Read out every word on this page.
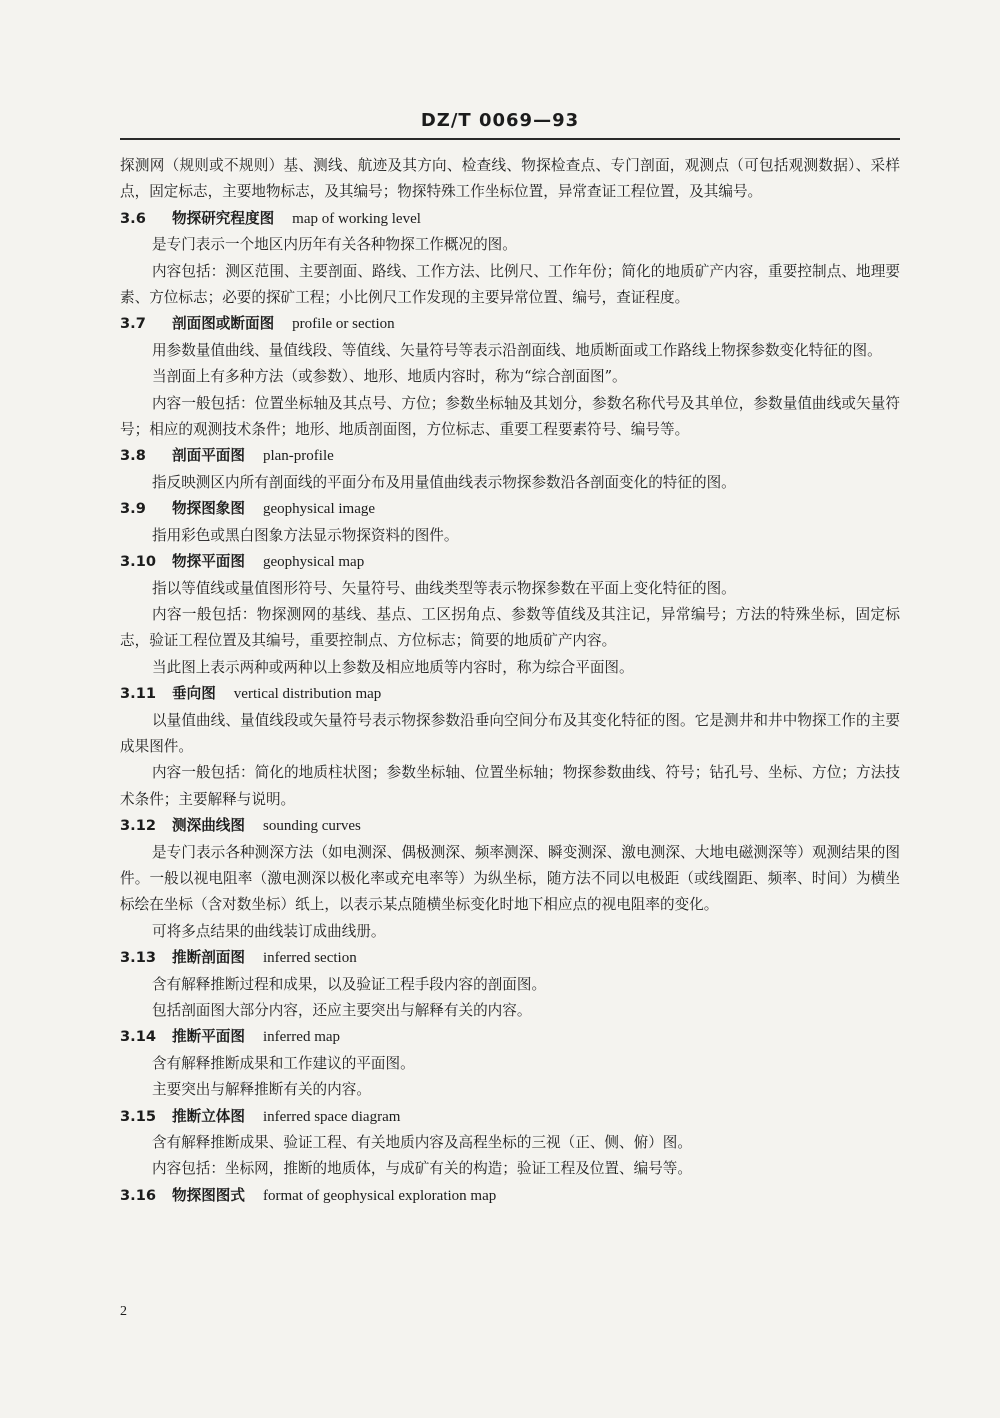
DZ/T 0069—93

探测网（规则或不规则）基、测线、航迹及其方向、检查线、物探检查点、专门剖面，观测点（可包括观测数据）、采样点，固定标志，主要地物标志，及其编号；物探特殊工作坐标位置，异常查证工程位置，及其编号。

3.6 物探研究程度图 map of working level

是专门表示一个地区内历年有关各种物探工作概况的图。

内容包括：测区范围、主要剖面、路线、工作方法、比例尺、工作年份；简化的地质矿产内容，重要控制点、地理要素、方位标志；必要的探矿工程；小比例尺工作发现的主要异常位置、编号，查证程度。

3.7 剖面图或断面图 profile or section

用参数量值曲线、量值线段、等值线、矢量符号等表示沿剖面线、地质断面或工作路线上物探参数变化特征的图。

当剖面上有多种方法（或参数）、地形、地质内容时，称为“综合剖面图”。

内容一般包括：位置坐标轴及其点号、方位；参数坐标轴及其划分，参数名称代号及其单位，参数量值曲线或矢量符号；相应的观测技术条件；地形、地质剖面图，方位标志、重要工程要素符号、编号等。

3.8 剖面平面图 plan-profile

指反映测区内所有剖面线的平面分布及用量值曲线表示物探参数沿各剖面变化的特征的图。

3.9 物探图象图 geophysical image

指用彩色或黑白图象方法显示物探资料的图件。

3.10 物探平面图 geophysical map

指以等值线或量值图形符号、矢量符号、曲线类型等表示物探参数在平面上变化特征的图。

内容一般包括：物探测网的基线、基点、工区拐角点、参数等值线及其注记，异常编号；方法的特殊坐标，固定标志，验证工程位置及其编号，重要控制点、方位标志；简要的地质矿产内容。

当此图上表示两种或两种以上参数及相应地质等内容时，称为综合平面图。

3.11 垂向图 vertical distribution map

以量值曲线、量值线段或矢量符号表示物探参数沿垂向空间分布及其变化特征的图。它是测井和井中物探工作的主要成果图件。

内容一般包括：简化的地质柱状图；参数坐标轴、位置坐标轴；物探参数曲线、符号；钻孔号、坐标、方位；方法技术条件；主要解释与说明。

3.12 测深曲线图 sounding curves

是专门表示各种测深方法（如电测深、偶极测深、频率测深、瞬变测深、激电测深、大地电磁测深等）观测结果的图件。一般以视电阻率（激电测深以极化率或充电率等）为纵坐标，随方法不同以电极距（或线圈距、频率、时间）为横坐标绘在坐标（含对数坐标）纸上，以表示某点随横坐标变化时地下相应点的视电阻率的变化。

可将多点结果的曲线装订成曲线册。

3.13 推断剖面图 inferred section

含有解释推断过程和成果，以及验证工程手段内容的剖面图。

包括剖面图大部分内容，还应主要突出与解释有关的内容。

3.14 推断平面图 inferred map

含有解释推断成果和工作建议的平面图。

主要突出与解释推断有关的内容。

3.15 推断立体图 inferred space diagram

含有解释推断成果、验证工程、有关地质内容及高程坐标的三视（正、侧、俯）图。

内容包括：坐标网，推断的地质体，与成矿有关的构造；验证工程及位置、编号等。

3.16 物探图图式 format of geophysical exploration map

2
